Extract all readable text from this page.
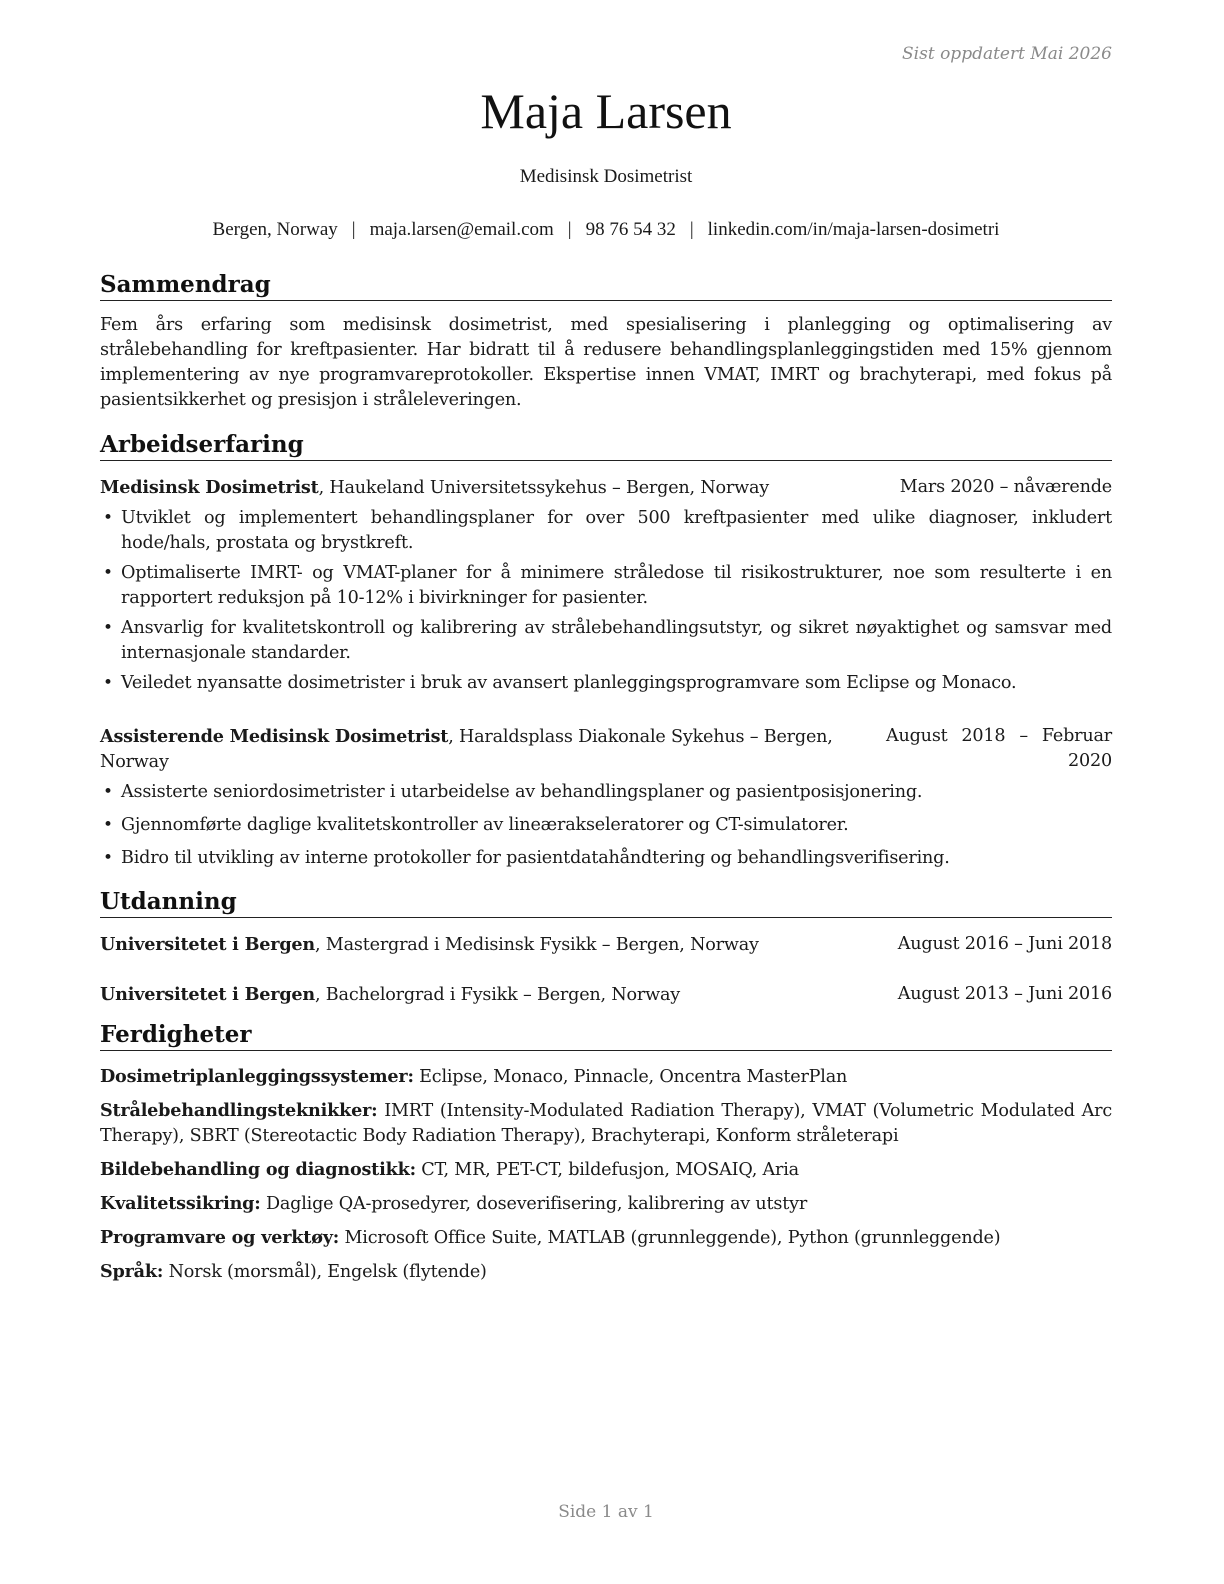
Sist oppdatert Mai 2026
Maja Larsen
Medisinsk Dosimetrist
Bergen, Norway | maja.larsen@email.com | 98 76 54 32 | linkedin.com/in/maja-larsen-dosimetri
Sammendrag

Fem års erfaring som medisinsk dosimetrist, med spesialisering i planlegging og optimalisering av strålebehandling for kreftpasienter. Har bidratt til å redusere behandlingsplanleggingstiden med 15% gjennom implementering av nye programvareprotokoller. Ekspertise innen VMAT, IMRT og brachyterapi, med fokus på pasientsikkerhet og presisjon i stråleleveringen.

Arbeidserfaring
Medisinsk Dosimetrist, Haukeland Universitetssykehus – Bergen, Norway	Mars 2020 – nåværende
• Utviklet og implementert behandlingsplaner for over 500 kreftpasienter med ulike diagnoser, inkludert hode/hals, prostata og brystkreft.
• Optimaliserte IMRT- og VMAT-planer for å minimere stråledose til risikostrukturer, noe som resulterte i en rapportert reduksjon på 10-12% i bivirkninger for pasienter.
• Ansvarlig for kvalitetskontroll og kalibrering av strålebehandlingsutstyr, og sikret nøyaktighet og samsvar med internasjonale standarder.
• Veiledet nyansatte dosimetrister i bruk av avansert planleggingsprogramvare som Eclipse og Monaco.
Assisterende Medisinsk Dosimetrist, Haraldsplass Diakonale Sykehus – Bergen, Norway
August 2018 – Februar 2020
• Assisterte seniordosimetrister i utarbeidelse av behandlingsplaner og pasientposisjonering.
• Gjennomførte daglige kvalitetskontroller av lineærakseleratorer og CT-simulatorer.
• Bidro til utvikling av interne protokoller for pasientdatahåndtering og behandlingsverifisering.
Utdanning
Universitetet i Bergen, Mastergrad i Medisinsk Fysikk – Bergen, Norway	August 2016 – Juni 2018
Universitetet i Bergen, Bachelorgrad i Fysikk – Bergen, Norway	August 2013 – Juni 2016
Ferdigheter

Dosimetriplanleggingssystemer: Eclipse, Monaco, Pinnacle, Oncentra MasterPlan

Strålebehandlingsteknikker: IMRT (Intensity-Modulated Radiation Therapy), VMAT (Volumetric Modulated Arc Therapy), SBRT (Stereotactic Body Radiation Therapy), Brachyterapi, Konform stråleterapi

Bildebehandling og diagnostikk: CT, MR, PET-CT, bildefusjon, MOSAIQ, Aria

Kvalitetssikring: Daglige QA-prosedyrer, doseverifisering, kalibrering av utstyr

Programvare og verktøy: Microsoft Office Suite, MATLAB (grunnleggende), Python (grunnleggende)

Språk: Norsk (morsmål), Engelsk (flytende)

Side 1 av 1
